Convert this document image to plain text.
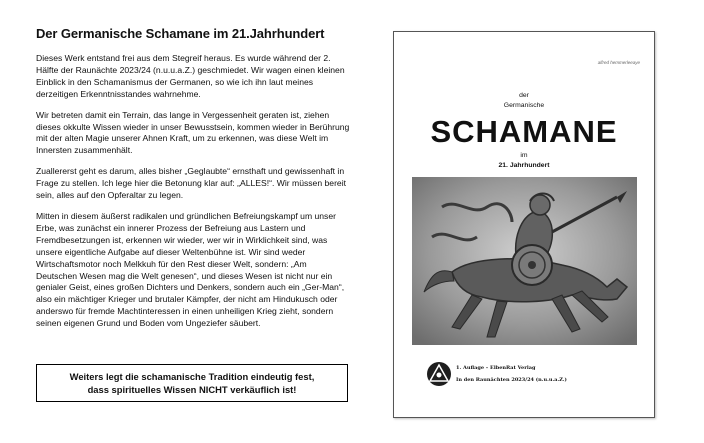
Der Germanische Schamane im 21.Jahrhundert

Dieses Werk entstand frei aus dem Stegreif heraus. Es wurde während der 2. Hälfte der Raunächte 2023/24 (n.u.u.a.Z.) geschmiedet. Wir wagen einen kleinen Einblick in den Schamanismus der Germanen, so wie ich ihn laut meines derzeitigen Erkenntnisstandes wahrnehme.

Wir betreten damit ein Terrain, das lange in Vergessenheit geraten ist, ziehen dieses okkulte Wissen wieder in unser Bewusstsein, kommen wieder in Berührung mit der alten Magie unserer Ahnen Kraft, um zu erkennen, was diese Welt im Innersten zusammenhält.

Zuallererst geht es darum, alles bisher „Geglaubte“ ernsthaft und gewissenhaft in Frage zu stellen. Ich lege hier die Betonung klar auf: „ALLES!“. Wir müssen bereit sein, alles auf den Opferaltar zu legen.

Mitten in diesem äußerst radikalen und gründlichen Befreiungskampf um unser Erbe, was zunächst ein innerer Prozess der Befreiung aus Lastern und Fremdbesetzungen ist, erkennen wir wieder, wer wir in Wirklichkeit sind, was unsere eigentliche Aufgabe auf dieser Weltenbühne ist. Wir sind weder Wirtschaftsmotor noch Melkkuh für den Rest dieser Welt, sondern: „Am Deutschen Wesen mag die Welt genesen“, und dieses Wesen ist nicht nur ein genialer Geist, eines großen Dichters und Denkers, sondern auch ein „Ger-Man“, also ein mächtiger Krieger und brutaler Kämpfer, der nicht am Hindukusch oder anderswo für fremde Machtinteressen in einen unheiligen Krieg zieht, sondern seinen eigenen Grund und Boden vom Ungeziefer säubert.

Weiters legt die schamanische Tradition eindeutig fest,
dass spirituelles Wissen NICHT verkäuflich ist!
alfred hemmerleeaye
der
Germanische
SCHAMANE
im
21. Jahrhundert
1. Auflage – ElbenRat Verlag
In den Raunächten 2023/24 (n.u.u.a.Z.)
